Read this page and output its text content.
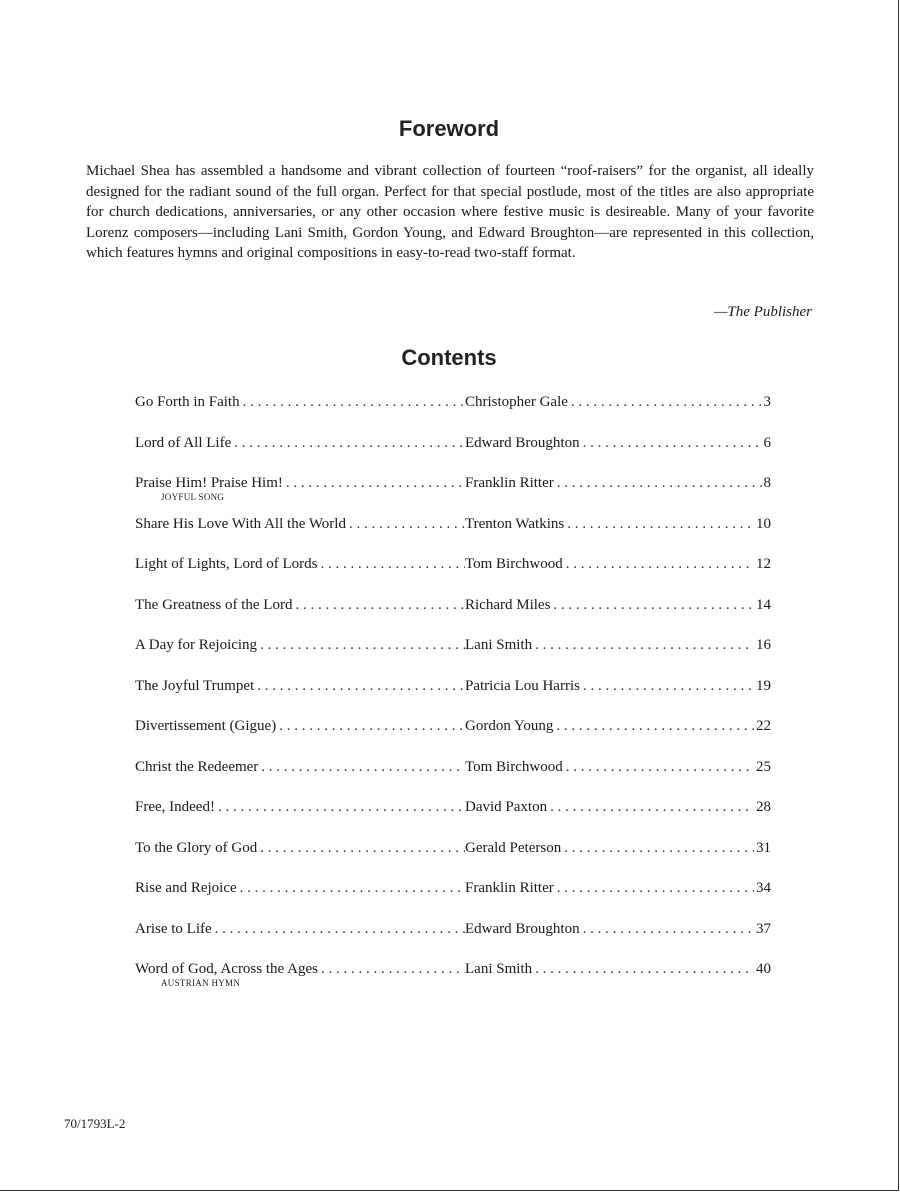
Foreword

Michael Shea has assembled a handsome and vibrant collection of fourteen “roof-raisers” for the organist, all ideally designed for the radiant sound of the full organ. Perfect for that special postlude, most of the titles are also appropriate for church dedications, anniversaries, or any other occasion where festive music is desireable. Many of your favorite Lorenz composers—including Lani Smith, Gordon Young, and Edward Broughton—are represented in this collection, which features hymns and original compositions in easy-to-read two-staff format.

—The Publisher
Contents
Go Forth in Faith . . .	Christopher Gale . . .	3
Lord of All Life . . .	Edward Broughton . . .	6
Praise Him! Praise Him! . . .	Franklin Ritter . . .	8
JOYFUL SONG
Share His Love With All the World . . .	Trenton Watkins . . .	10
Light of Lights, Lord of Lords . . .	Tom Birchwood . . .	12
The Greatness of the Lord . . .	Richard Miles . . .	14
A Day for Rejoicing . . .	Lani Smith . . .	16
The Joyful Trumpet . . .	Patricia Lou Harris . . .	19
Divertissement (Gigue) . . .	Gordon Young . . .	22
Christ the Redeemer . . .	Tom Birchwood . . .	25
Free, Indeed! . . .	David Paxton . . .	28
To the Glory of God . . .	Gerald Peterson . . .	31
Rise and Rejoice . . .	Franklin Ritter . . .	34
Arise to Life . . .	Edward Broughton . . .	37
Word of God, Across the Ages . . .	Lani Smith . . .	40
AUSTRIAN HYMN
70/1793L-2
